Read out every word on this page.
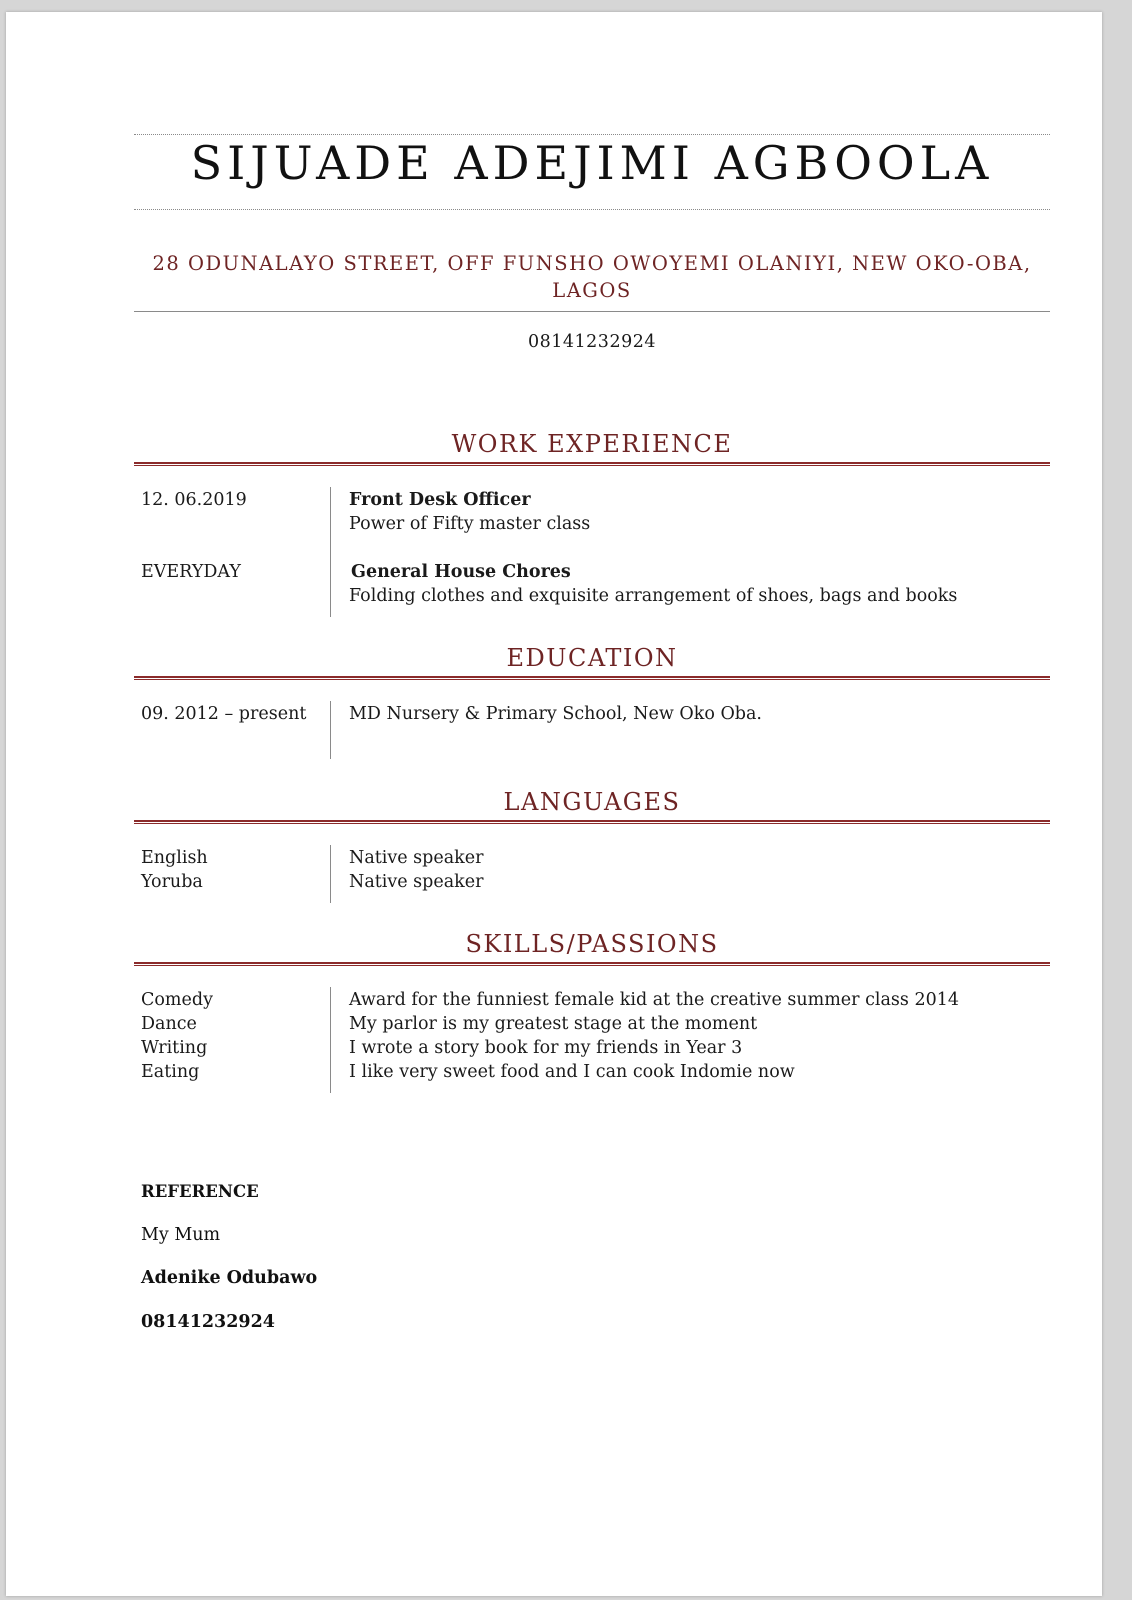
SIJUADE ADEJIMI AGBOOLA
28 ODUNALAYO STREET, OFF FUNSHO OWOYEMI OLANIYI, NEW OKO-OBA,
LAGOS
08141232924
WORK EXPERIENCE
12. 06.2019	Front Desk Officer
Power of Fifty master class
EVERYDAY	General House Chores
Folding clothes and exquisite arrangement of shoes, bags and books
EDUCATION
09. 2012 – present MD Nursery & Primary School, New Oko Oba.
LANGUAGES
English	Native speaker
Yoruba	Native speaker
SKILLS/PASSIONS
Comedy	Award for the funniest female kid at the creative summer class 2014
Dance	My parlor is my greatest stage at the moment
Writing	I wrote a story book for my friends in Year 3
Eating	I like very sweet food and I can cook Indomie now
REFERENCE
My Mum
Adenike Odubawo
08141232924
